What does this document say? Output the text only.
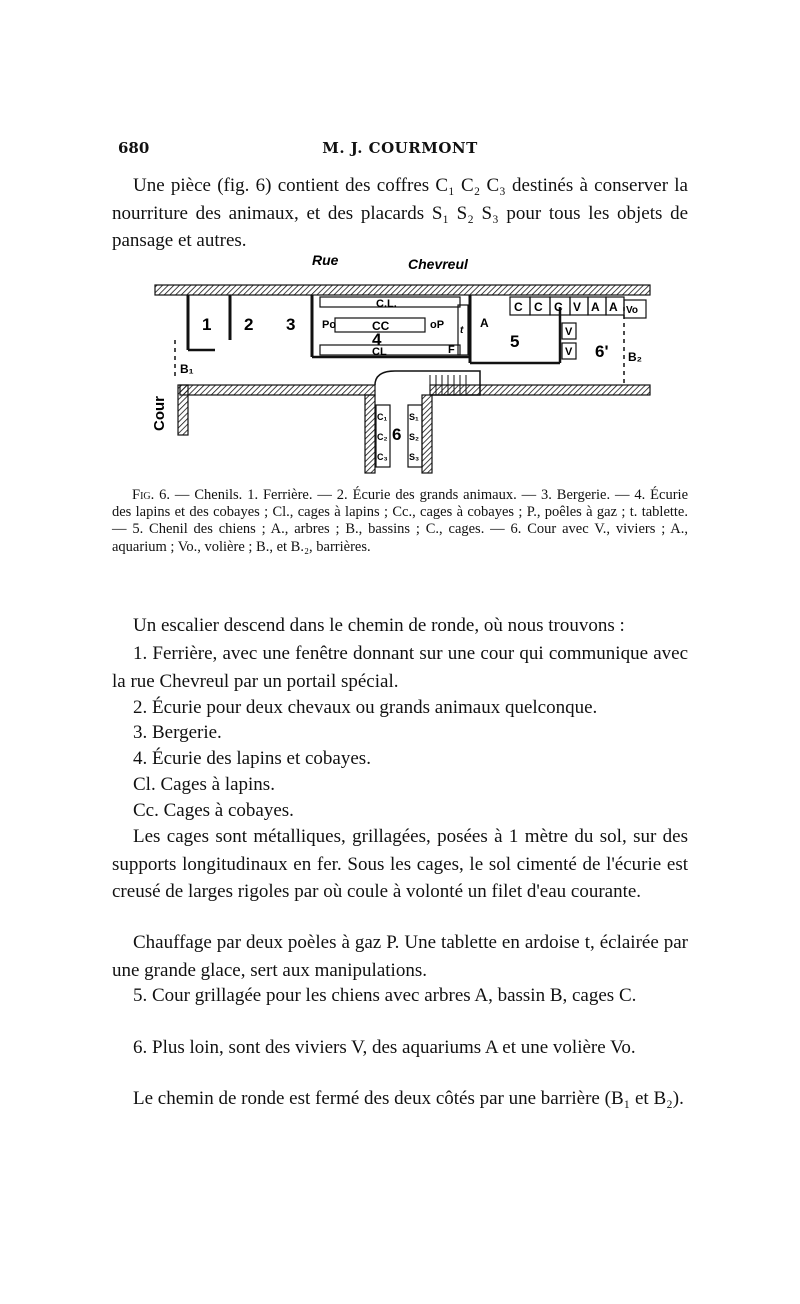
680	M. J. COURMONT

Une pièce (fig. 6) contient des coffres C₁ C₂ C₃ destinés à conserver la nourriture des animaux, et des placards S₁ S₂ S₃ pour tous les objets de pansage et autres.

Rue	Chevreul
1 2 3 Po	oP
C.L.
CC
4
CL	F
t
A
5
6'
C C C V A A Vo
V
V
B₁
B₂
6
C₁
C₂
C₃
S₁
S₂
S₃
Cour

Fig. 6. — Chenils. 1. Ferrière. — 2. Écurie des grands animaux. — 3. Bergerie. — 4. Écurie des lapins et des cobayes ; Cl., cages à lapins ; Cc., cages à cobayes ; P., poêles à gaz ; t. tablette. — 5. Chenil des chiens ; A., arbres ; B., bassins ; C., cages. — 6. Cour avec V., viviers ; A., aquarium ; Vo., volière ; B., et B.₂, barrières.

Un escalier descend dans le chemin de ronde, où nous trouvons :

1. Ferrière, avec une fenêtre donnant sur une cour qui communique avec la rue Chevreul par un portail spécial.

2. Écurie pour deux chevaux ou grands animaux quelconque.

3. Bergerie.

4. Écurie des lapins et cobayes.

Cl. Cages à lapins.

Cc. Cages à cobayes.

Les cages sont métalliques, grillagées, posées à 1 mètre du sol, sur des supports longitudinaux en fer. Sous les cages, le sol cimenté de l'écurie est creusé de larges rigoles par où coule à volonté un filet d'eau courante.

Chauffage par deux poèles à gaz P. Une tablette en ardoise t, éclairée par une grande glace, sert aux manipulations.

5. Cour grillagée pour les chiens avec arbres A, bassin B, cages C.

6. Plus loin, sont des viviers V, des aquariums A et une volière Vo.

Le chemin de ronde est fermé des deux côtés par une barrière (B₁ et B₂).
